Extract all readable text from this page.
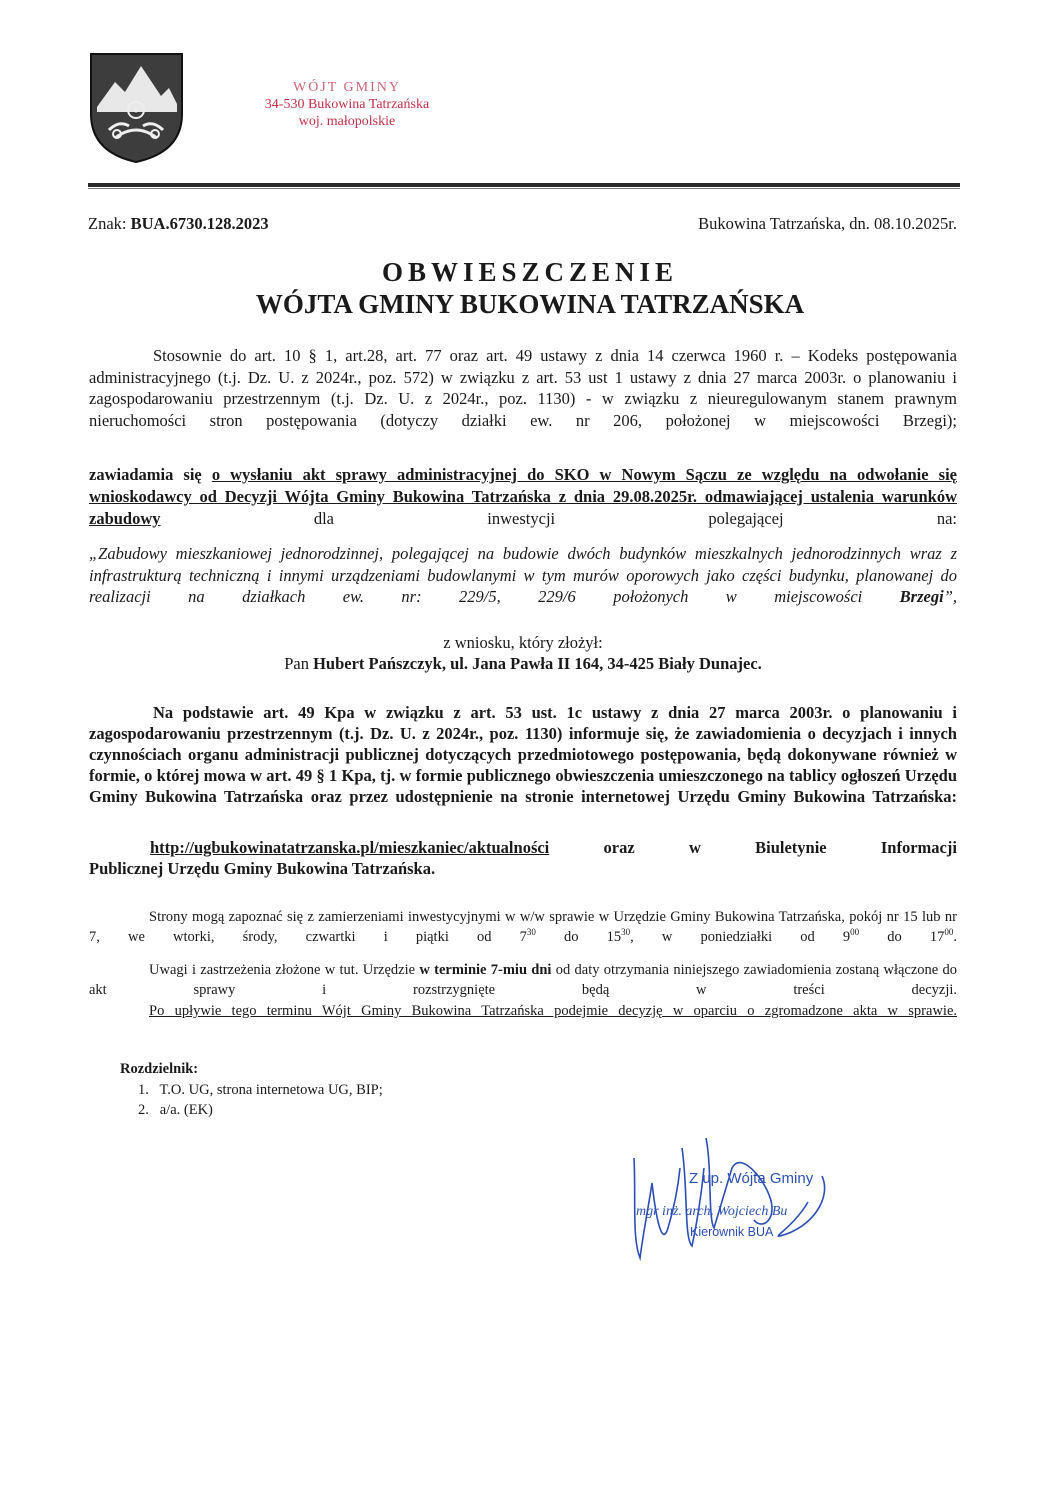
WÓJT GMINY
34-530 Bukowina Tatrzańska
woj. małopolskie
Znak: BUA.6730.128.2023	Bukowina Tatrzańska, dn. 08.10.2025r.
OBWIESZCZENIE
WÓJTA GMINY BUKOWINA TATRZAŃSKA

Stosownie do art. 10 § 1, art.28, art. 77 oraz art. 49 ustawy z dnia 14 czerwca 1960 r. – Kodeks postępowania administracyjnego (t.j. Dz. U. z 2024r., poz. 572) w związku z art. 53 ust 1 ustawy z dnia 27 marca 2003r. o planowaniu i zagospodarowaniu przestrzennym (t.j. Dz. U. z 2024r., poz. 1130) - w związku z nieuregulowanym stanem prawnym nieruchomości stron postępowania (dotyczy działki ew. nr 206, położonej w miejscowości Brzegi);

zawiadamia się o wysłaniu akt sprawy administracyjnej do SKO w Nowym Sączu ze względu na odwołanie się wnioskodawcy od Decyzji Wójta Gminy Bukowina Tatrzańska z dnia 29.08.2025r. odmawiającej ustalenia warunków zabudowy	dla inwestycji polegającej na:

„Zabudowy mieszkaniowej jednorodzinnej, polegającej na budowie dwóch budynków mieszkalnych jednorodzinnych wraz z infrastrukturą techniczną i innymi urządzeniami budowlanymi w tym murów oporowych jako części budynku, planowanej do realizacji na działkach ew. nr: 229/5, 229/6 położonych w miejscowości Brzegi”,

z wniosku, który złożył:
Pan Hubert Pańszczyk, ul. Jana Pawła II 164, 34-425 Biały Dunajec.

Na podstawie art. 49 Kpa w związku z art. 53 ust. 1c ustawy z dnia 27 marca 2003r. o planowaniu i zagospodarowaniu przestrzennym (t.j. Dz. U. z 2024r., poz. 1130) informuje się, że zawiadomienia o decyzjach i innych czynnościach organu administracji publicznej dotyczących przedmiotowego postępowania, będą dokonywane również w formie, o której mowa w art. 49 § 1 Kpa, tj. w formie publicznego obwieszczenia umieszczonego na tablicy ogłoszeń Urzędu Gminy Bukowina Tatrzańska oraz przez udostępnienie na stronie internetowej Urzędu Gminy Bukowina Tatrzańska:

http://ugbukowinatatrzanska.pl/mieszkaniec/aktualności	oraz	w	Biuletynie	Informacji
Publicznej Urzędu Gminy Bukowina Tatrzańska.

Strony mogą zapoznać się z zamierzeniami inwestycyjnymi w w/w sprawie w Urzędzie Gminy Bukowina Tatrzańska, pokój nr 15 lub nr 7, we wtorki, środy, czwartki i piątki od $7^{30}$ do $15^{30}$, w poniedziałki od $9^{00}$ do $17^{00}$.

Uwagi i zastrzeżenia złożone w tut. Urzędzie w terminie 7-miu dni od daty otrzymania niniejszego zawiadomienia zostaną włączone do akt sprawy i rozstrzygnięte będą w treści decyzji.

Po upływie tego terminu Wójt Gminy Bukowina Tatrzańska podejmie decyzję w oparciu o zgromadzone akta w sprawie.

Rozdzielnik:
1. T.O. UG, strona internetowa UG, BIP;
2. a/a. (EK)
Z up. Wójta Gminy
mgr inż. arch. Wojciech Bu
Kierownik BUA
